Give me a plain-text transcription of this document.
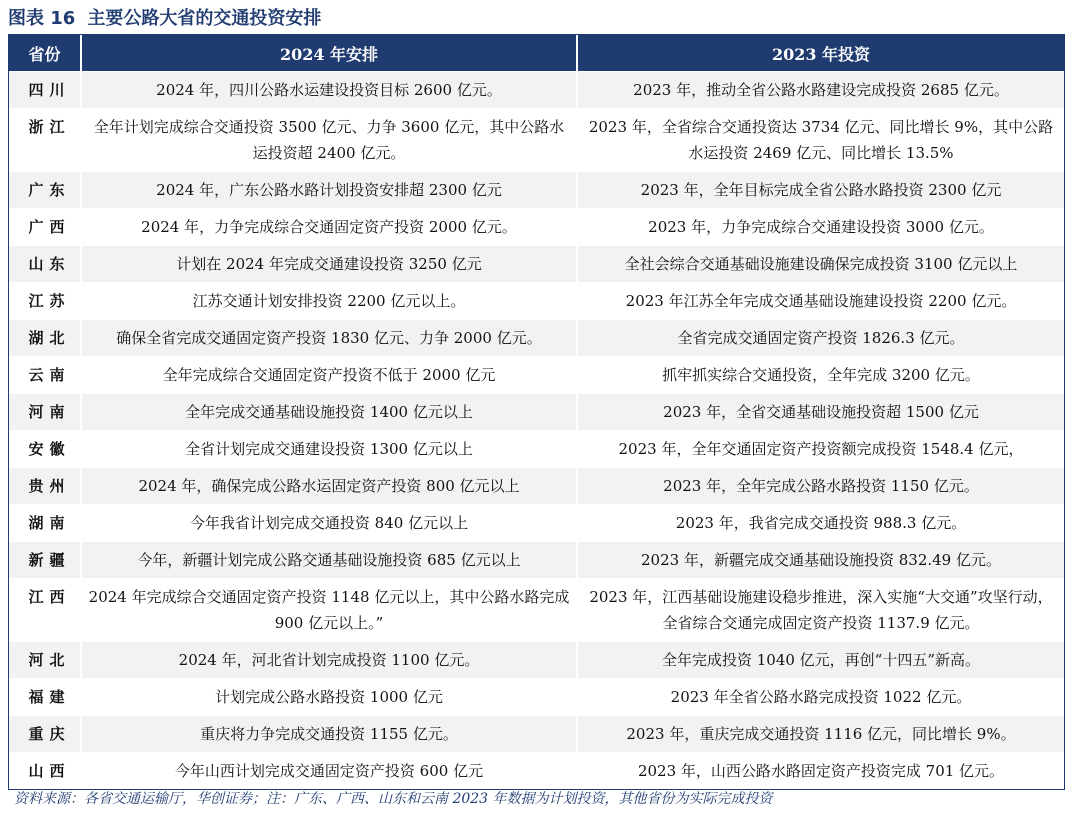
图表 16 主要公路大省的交通投资安排
省份	2024 年安排	2023 年投资
四川	2024 年，四川公路水运建设投资目标 2600 亿元。	2023 年，推动全省公路水路建设完成投资 2685 亿元。
浙江	全年计划完成综合交通投资 3500 亿元、力争 3600 亿元，其中公路水运投资超 2400 亿元。	2023 年，全省综合交通投资达 3734 亿元、同比增长 9%，其中公路水运投资 2469 亿元、同比增长 13.5%
广东	2024 年，广东公路水路计划投资安排超 2300 亿元	2023 年，全年目标完成全省公路水路投资 2300 亿元
广西	2024 年，力争完成综合交通固定资产投资 2000 亿元。	2023 年，力争完成综合交通建设投资 3000 亿元。
山东	计划在 2024 年完成交通建设投资 3250 亿元	全社会综合交通基础设施建设确保完成投资 3100 亿元以上
江苏	江苏交通计划安排投资 2200 亿元以上。	2023 年江苏全年完成交通基础设施建设投资 2200 亿元。
湖北	确保全省完成交通固定资产投资 1830 亿元、力争 2000 亿元。	全省完成交通固定资产投资 1826.3 亿元。
云南	全年完成综合交通固定资产投资不低于 2000 亿元	抓牢抓实综合交通投资，全年完成 3200 亿元。
河南	全年完成交通基础设施投资 1400 亿元以上	2023 年，全省交通基础设施投资超 1500 亿元
安徽	全省计划完成交通建设投资 1300 亿元以上	2023 年，全年交通固定资产投资额完成投资 1548.4 亿元，
贵州	2024 年，确保完成公路水运固定资产投资 800 亿元以上	2023 年，全年完成公路水路投资 1150 亿元。
湖南	今年我省计划完成交通投资 840 亿元以上	2023 年，我省完成交通投资 988.3 亿元。
新疆	今年，新疆计划完成公路交通基础设施投资 685 亿元以上	2023 年，新疆完成交通基础设施投资 832.49 亿元。
江西	2024 年完成综合交通固定资产投资 1148 亿元以上，其中公路水路完成 900 亿元以上。”	2023 年，江西基础设施建设稳步推进，深入实施“大交通”攻坚行动，全省综合交通完成固定资产投资 1137.9 亿元。
河北	2024 年，河北省计划完成投资 1100 亿元。	全年完成投资 1040 亿元，再创“十四五”新高。
福建	计划完成公路水路投资 1000 亿元	2023 年全省公路水路完成投资 1022 亿元。
重庆	重庆将力争完成交通投资 1155 亿元。	2023 年，重庆完成交通投资 1116 亿元，同比增长 9%。
山西	今年山西计划完成交通固定资产投资 600 亿元	2023 年，山西公路水路固定资产投资完成 701 亿元。
资料来源：各省交通运输厅，华创证券；注：广东、广西、山东和云南 2023 年数据为计划投资，其他省份为实际完成投资
